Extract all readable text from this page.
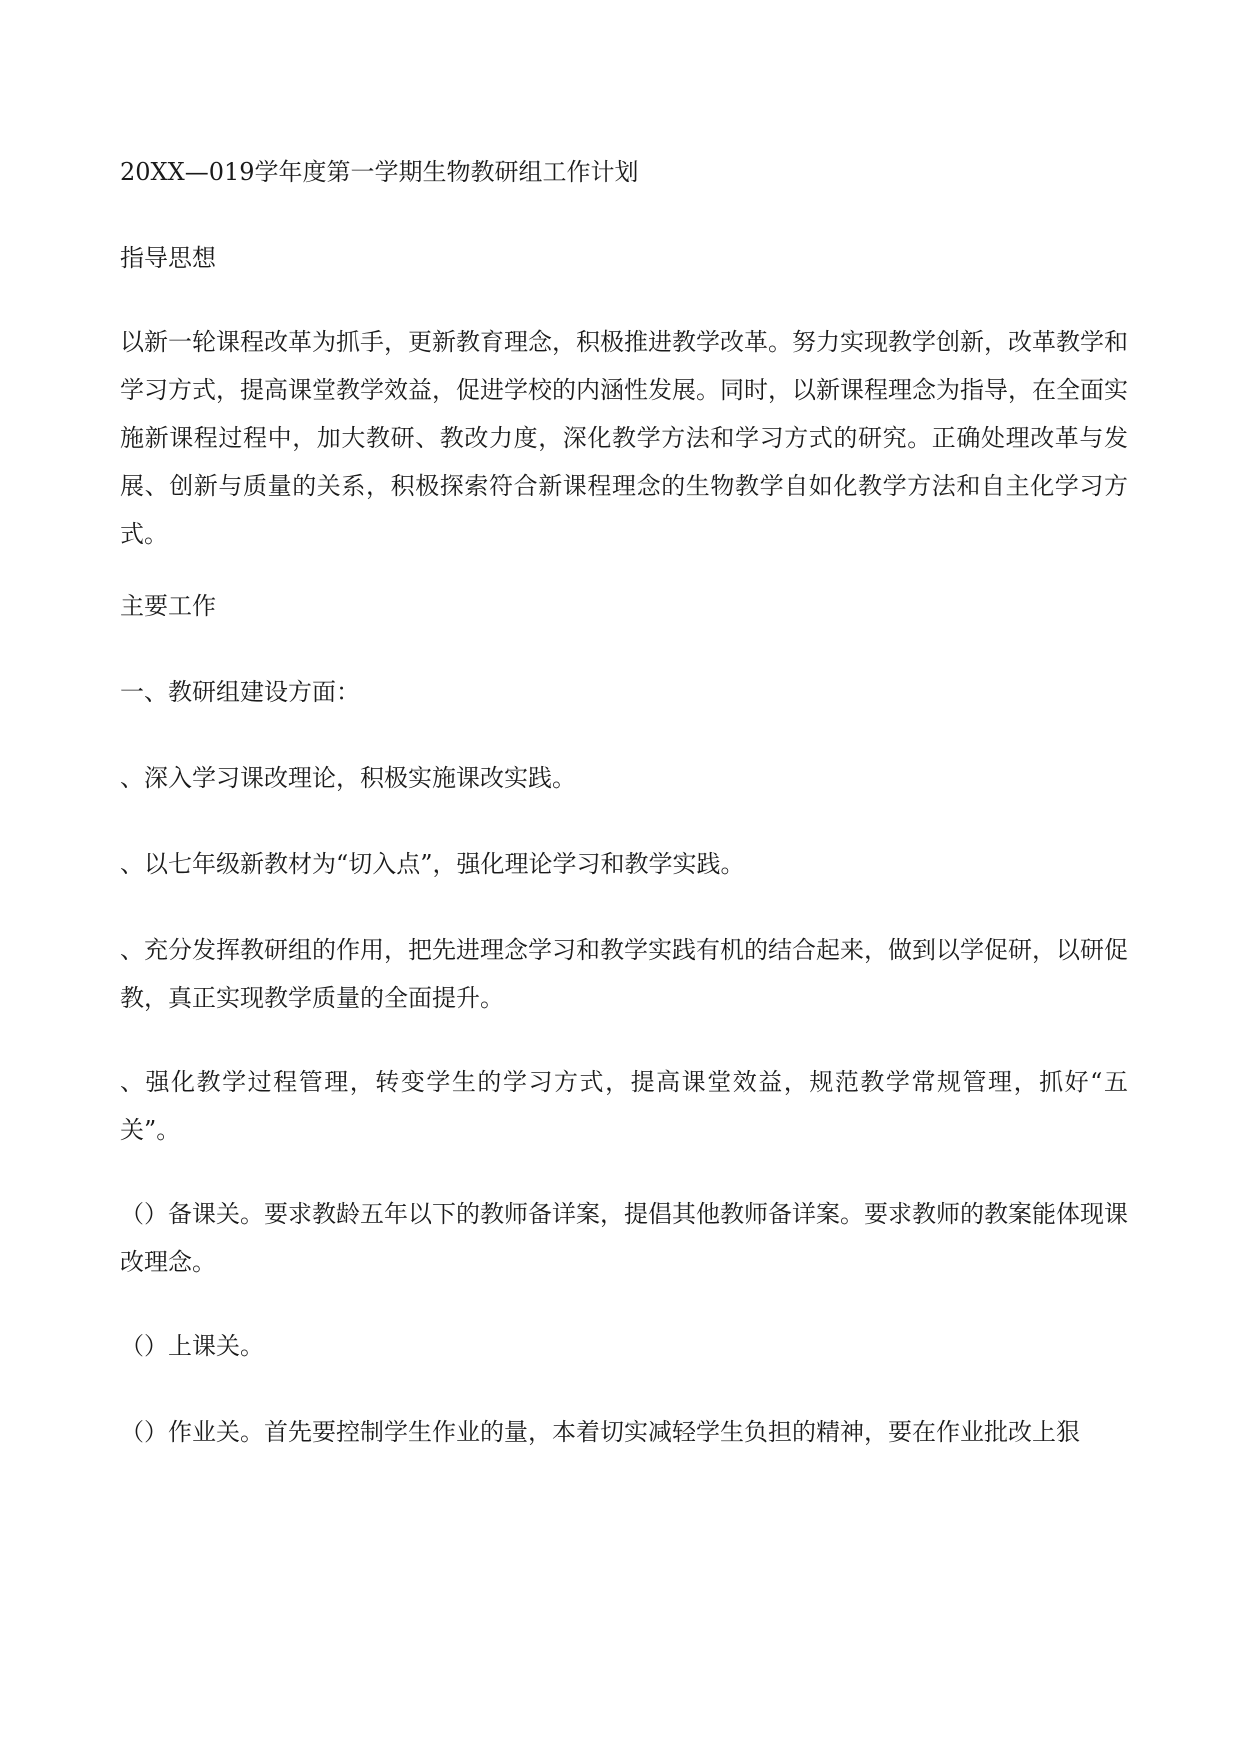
20XX—019学年度第一学期生物教研组工作计划

指导思想

以新一轮课程改革为抓手，更新教育理念，积极推进教学改革。努力实现教学创新，改革教学和学习方式，提高课堂教学效益，促进学校的内涵性发展。同时，以新课程理念为指导，在全面实施新课程过程中，加大教研、教改力度，深化教学方法和学习方式的研究。正确处理改革与发展、创新与质量的关系，积极探索符合新课程理念的生物教学自如化教学方法和自主化学习方式。

主要工作

一、教研组建设方面：

、深入学习课改理论，积极实施课改实践。

、以七年级新教材为“切入点”，强化理论学习和教学实践。

、充分发挥教研组的作用，把先进理念学习和教学实践有机的结合起来，做到以学促研，以研促教，真正实现教学质量的全面提升。

、强化教学过程管理，转变学生的学习方式，提高课堂效益，规范教学常规管理，抓好“五关”。

（）备课关。要求教龄五年以下的教师备详案，提倡其他教师备详案。要求教师的教案能体现课改理念。

（）上课关。

（）作业关。首先要控制学生作业的量，本着切实减轻学生负担的精神，要在作业批改上狠
